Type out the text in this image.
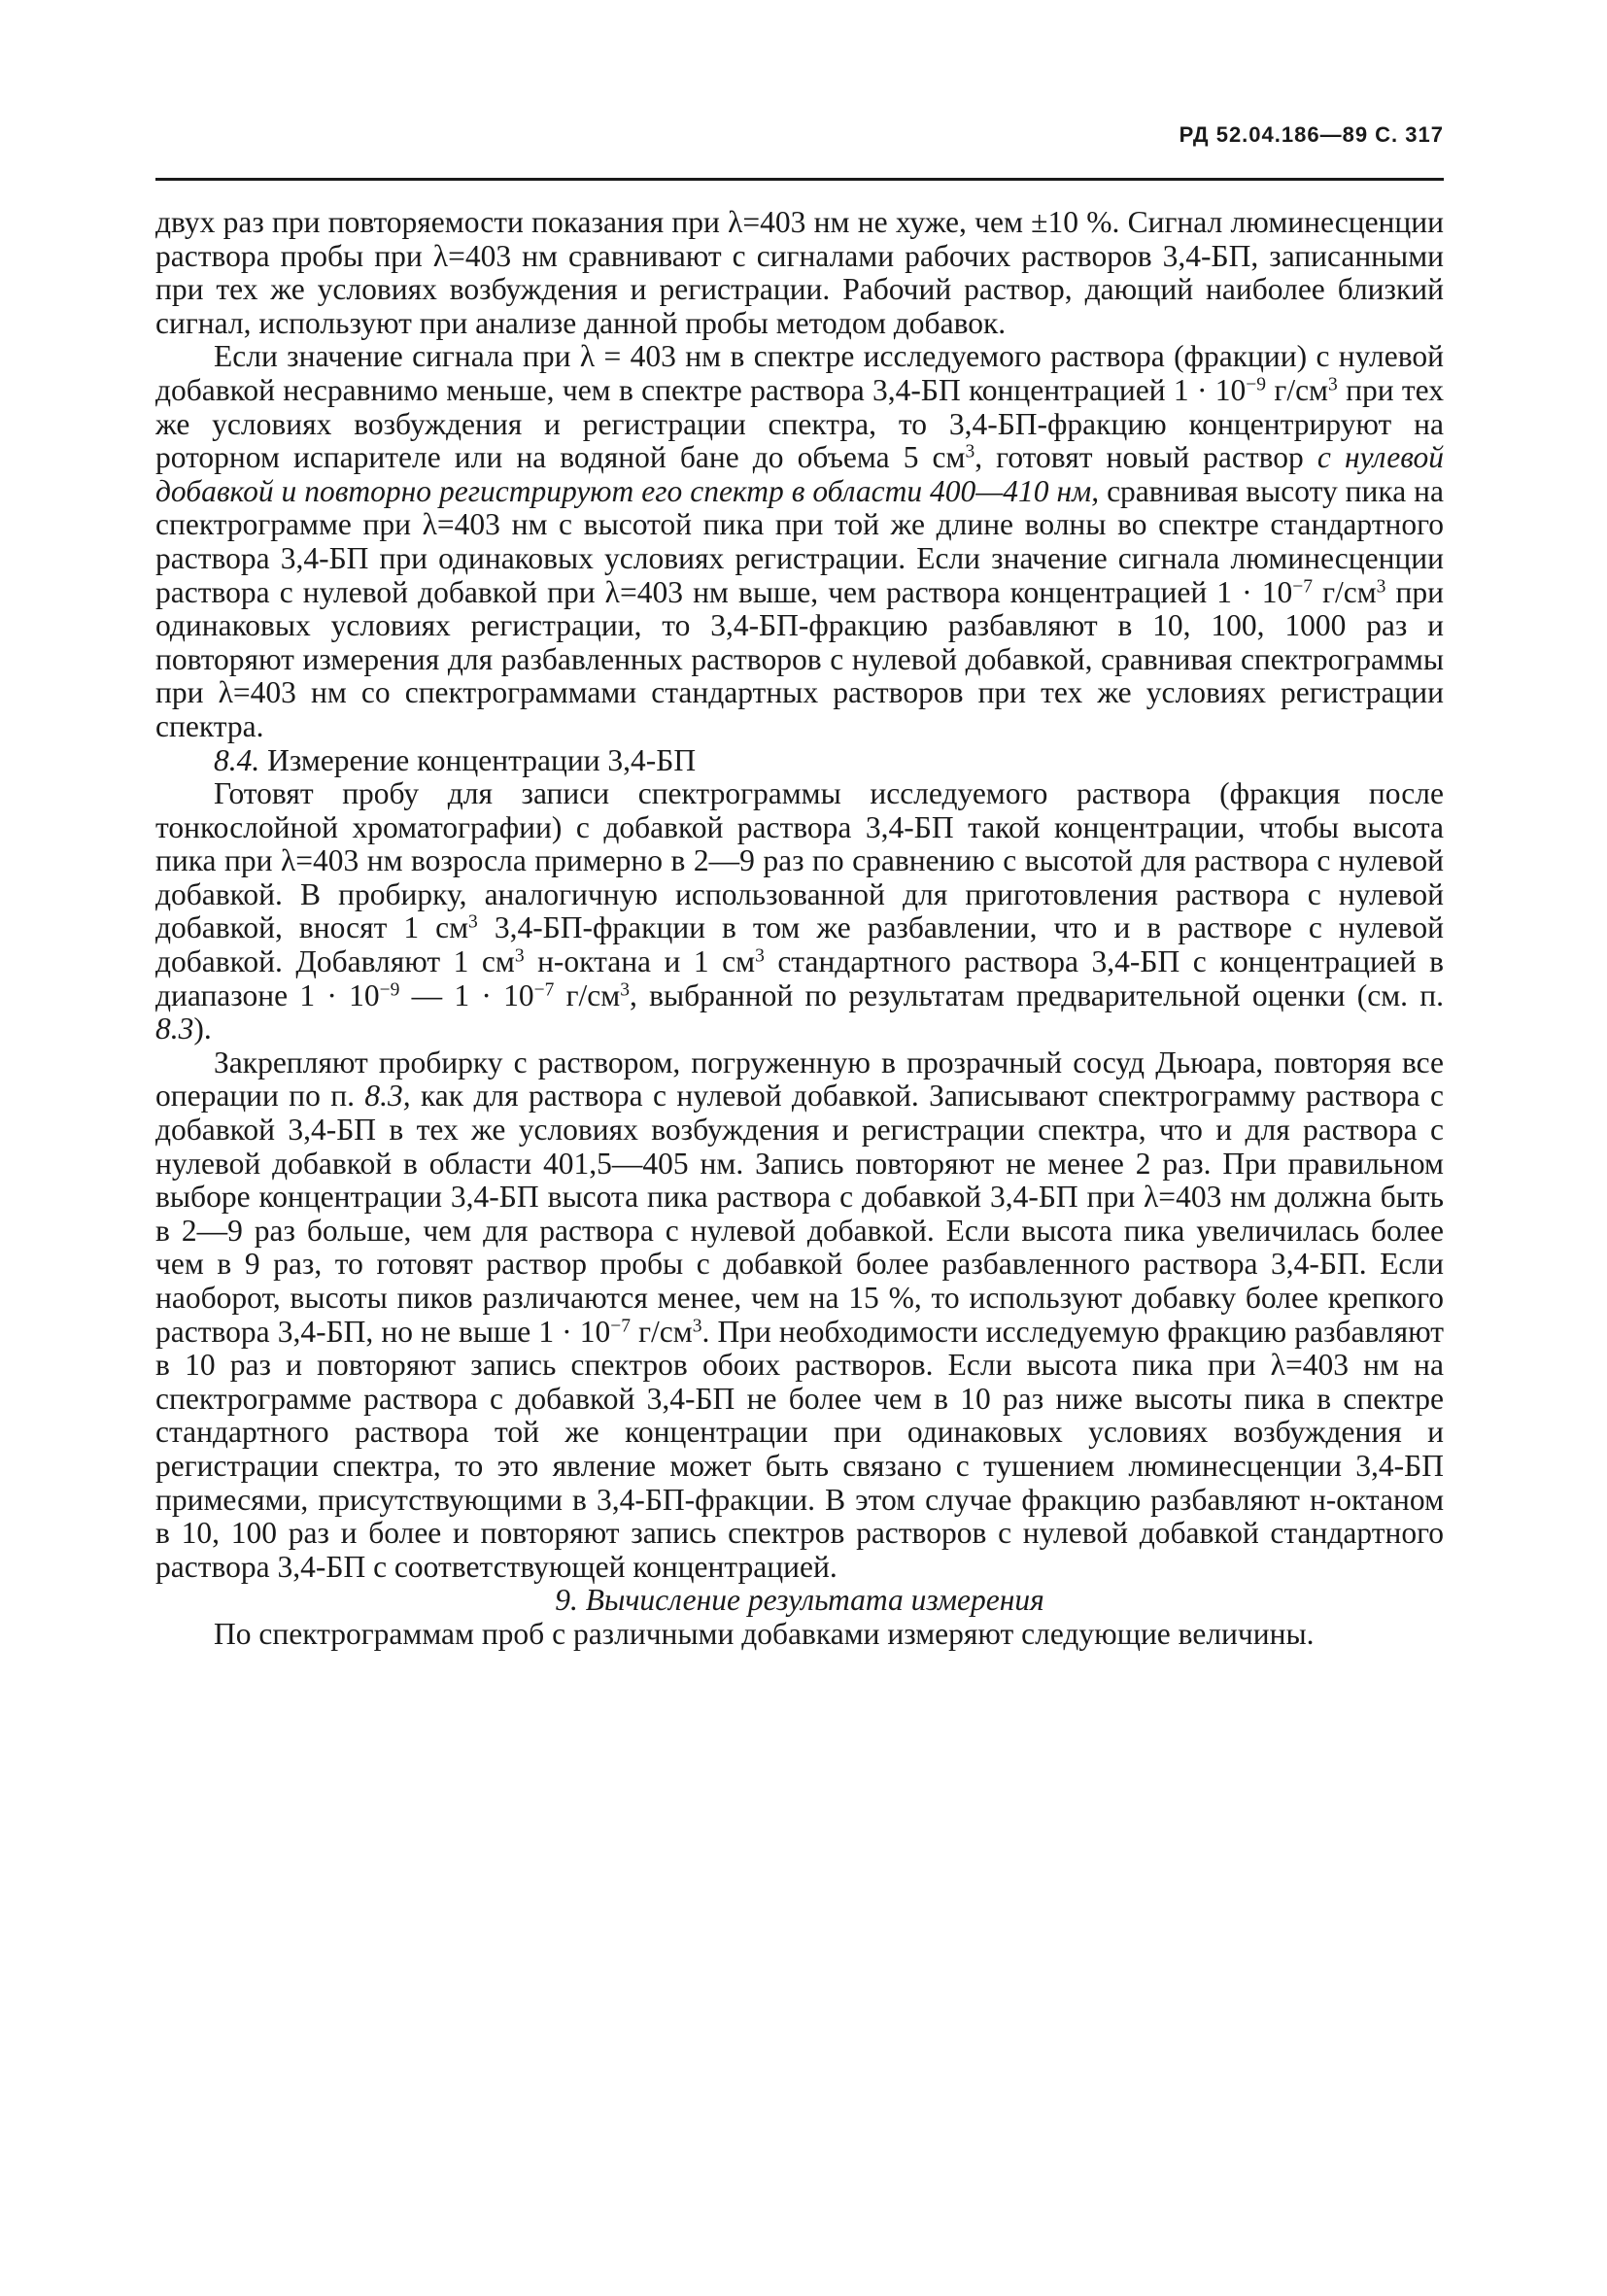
РД 52.04.186—89 С. 317

двух раз при повторяемости показания при λ=403 нм не хуже, чем ±10 %. Сигнал люминесценции раствора пробы при λ=403 нм сравнивают с сигналами рабочих растворов 3,4-БП, записанными при тех же условиях возбуждения и регистрации. Рабочий раствор, дающий наиболее близкий сигнал, используют при анализе данной пробы методом добавок.

Если значение сигнала при λ = 403 нм в спектре исследуемого раствора (фракции) с нулевой добавкой несравнимо меньше, чем в спектре раствора 3,4-БП концентрацией $1 \cdot 10^{-9}$ $г/см^3$ при тех же условиях возбуждения и регистрации спектра, то 3,4-БП-фракцию концентрируют на роторном испарителе или на водяной бане до объема 5 $см^3$, готовят новый раствор с нулевой добавкой и повторно регистрируют его спектр в области 400—410 нм, сравнивая высоту пика на спектрограмме при λ=403 нм с высотой пика при той же длине волны во спектре стандартного раствора 3,4-БП при одинаковых условиях регистрации. Если значение сигнала люминесценции раствора с нулевой добавкой при λ=403 нм выше, чем раствора концентрацией $1 \cdot 10^{-7}$ $г/см^3$ при одинаковых условиях регистрации, то 3,4-БП-фракцию разбавляют в 10, 100, 1000 раз и повторяют измерения для разбавленных растворов с нулевой добавкой, сравнивая спектрограммы при λ=403 нм со спектрограммами стандартных растворов при тех же условиях регистрации спектра.

8.4. Измерение концентрации 3,4-БП

Готовят пробу для записи спектрограммы исследуемого раствора (фракция после тонкослойной хроматографии) с добавкой раствора 3,4-БП такой концентрации, чтобы высота пика при λ=403 нм возросла примерно в 2—9 раз по сравнению с высотой для раствора с нулевой добавкой. В пробирку, аналогичную использованной для приготовления раствора с нулевой добавкой, вносят 1 $см^3$ 3,4-БП-фракции в том же разбавлении, что и в растворе с нулевой добавкой. Добавляют 1 $см^3$ н-октана и 1 $см^3$ стандартного раствора 3,4-БП с концентрацией в диапазоне $1 \cdot 10^{-9}$ — $1 \cdot 10^{-7}$ $г/см^3$, выбранной по результатам предварительной оценки (см. п. 8.3).

Закрепляют пробирку с раствором, погруженную в прозрачный сосуд Дьюара, повторяя все операции по п. 8.3, как для раствора с нулевой добавкой. Записывают спектрограмму раствора с добавкой 3,4-БП в тех же условиях возбуждения и регистрации спектра, что и для раствора с нулевой добавкой в области 401,5—405 нм. Запись повторяют не менее 2 раз. При правильном выборе концентрации 3,4-БП высота пика раствора с добавкой 3,4-БП при λ=403 нм должна быть в 2—9 раз больше, чем для раствора с нулевой добавкой. Если высота пика увеличилась более чем в 9 раз, то готовят раствор пробы с добавкой более разбавленного раствора 3,4-БП. Если наоборот, высоты пиков различаются менее, чем на 15 %, то используют добавку более крепкого раствора 3,4-БП, но не выше $1 \cdot 10^{-7}$ $г/см^3$. При необходимости исследуемую фракцию разбавляют в 10 раз и повторяют запись спектров обоих растворов. Если высота пика при λ=403 нм на спектрограмме раствора с добавкой 3,4-БП не более чем в 10 раз ниже высоты пика в спектре стандартного раствора той же концентрации при одинаковых условиях возбуждения и регистрации спектра, то это явление может быть связано с тушением люминесценции 3,4-БП примесями, присутствующими в 3,4-БП-фракции. В этом случае фракцию разбавляют н-октаном в 10, 100 раз и более и повторяют запись спектров растворов с нулевой добавкой стандартного раствора 3,4-БП с соответствующей концентрацией.

9. Вычисление результата измерения

По спектрограммам проб с различными добавками измеряют следующие величины.
